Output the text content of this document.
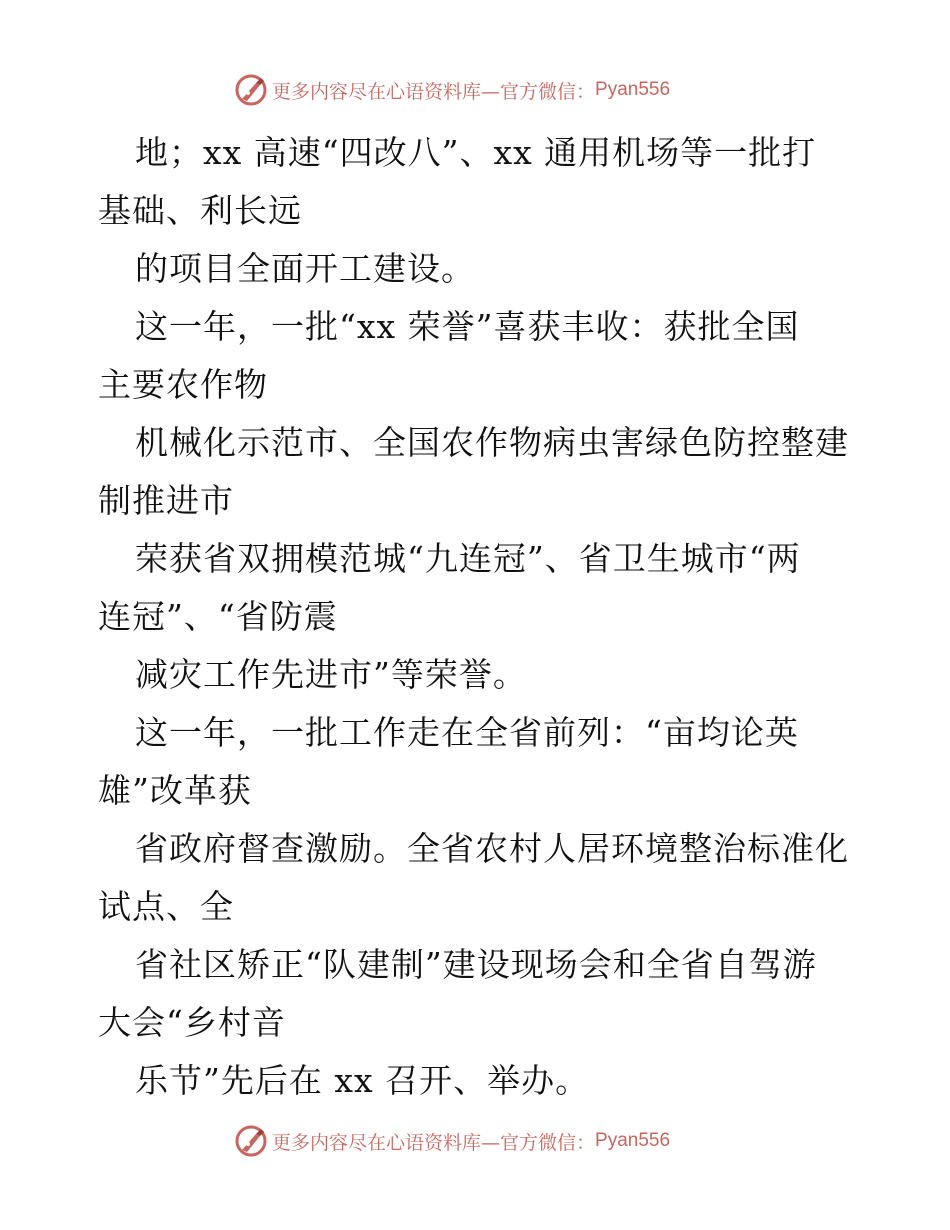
更多内容尽在心语资料库— 官方微信： Pyan556
地；xx 高速“四改八”、xx 通用机场等一批打
基础、利长远
的项目全面开工建设。
这一年，一批“xx 荣誉”喜获丰收：获批全国
主要农作物
机械化示范市、全国农作物病虫害绿色防控整建
制推进市
荣获省双拥模范城“九连冠”、省卫生城市“两
连冠”、“省防震
减灾工作先进市”等荣誉。
这一年，一批工作走在全省前列：“亩均论英
雄”改革获
省政府督查激励。全省农村人居环境整治标准化
试点、全
省社区矫正“队建制”建设现场会和全省自驾游
大会“乡村音
乐节”先后在 xx 召开、举办。
更多内容尽在心语资料库— 官方微信： Pyan556
